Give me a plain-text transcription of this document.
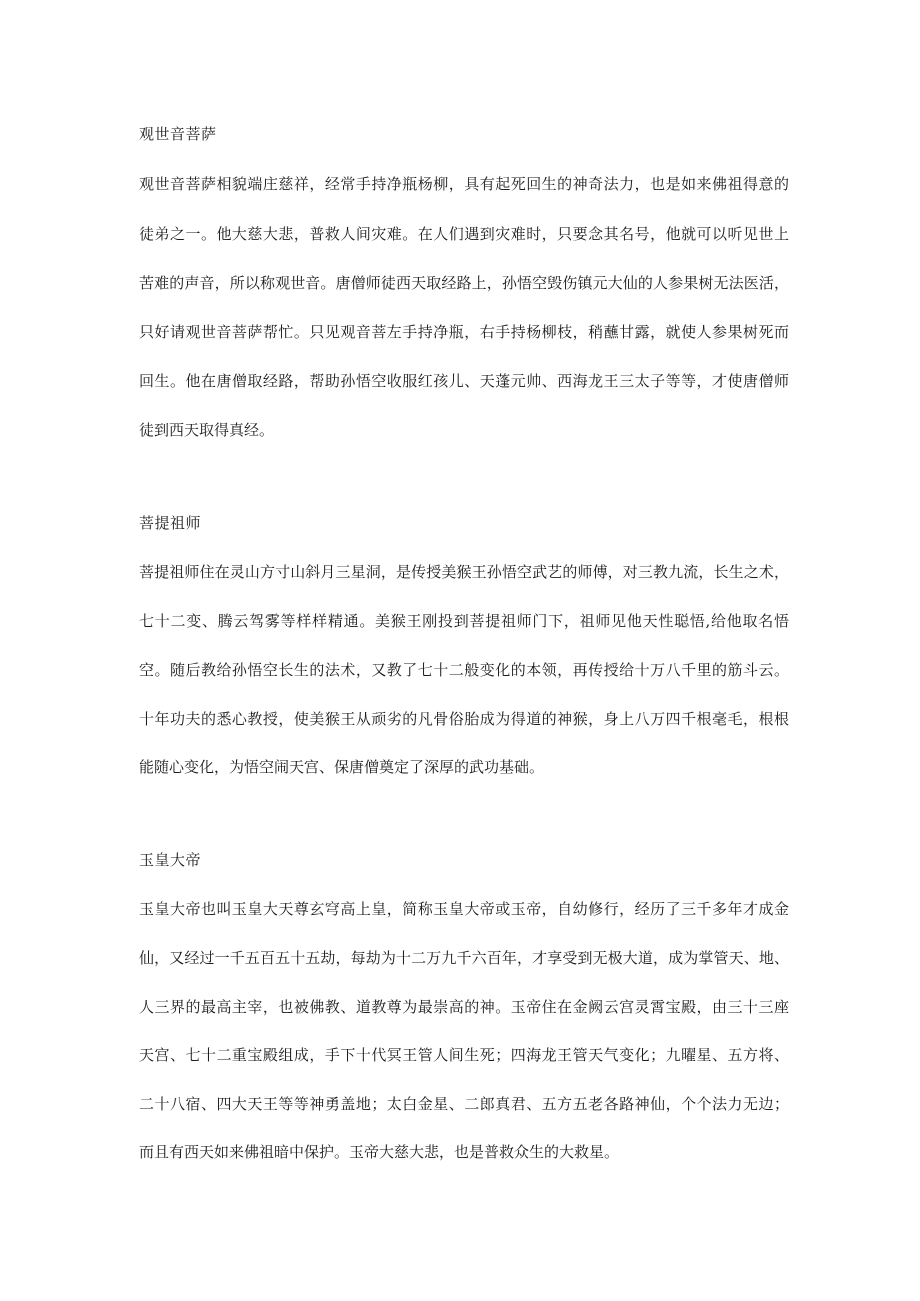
观世音菩萨

观世音菩萨相貌端庄慈祥，经常手持净瓶杨柳，具有起死回生的神奇法力，也是如来佛祖得意的

徒弟之一。他大慈大悲，普救人间灾难。在人们遇到灾难时，只要念其名号，他就可以听见世上

苦难的声音，所以称观世音。唐僧师徒西天取经路上，孙悟空毁伤镇元大仙的人参果树无法医活，

只好请观世音菩萨帮忙。只见观音菩左手持净瓶，右手持杨柳枝，稍蘸甘露，就使人参果树死而

回生。他在唐僧取经路，帮助孙悟空收服红孩儿、天蓬元帅、西海龙王三太子等等，才使唐僧师

徒到西天取得真经。

菩提祖师

菩提祖师住在灵山方寸山斜月三星洞，是传授美猴王孙悟空武艺的师傅，对三教九流，长生之术，

七十二变、腾云驾雾等样样精通。美猴王刚投到菩提祖师门下，祖师见他天性聪悟,给他取名悟

空。随后教给孙悟空长生的法术，又教了七十二般变化的本领，再传授给十万八千里的筋斗云。

十年功夫的悉心教授，使美猴王从顽劣的凡骨俗胎成为得道的神猴，身上八万四千根毫毛，根根

能随心变化，为悟空闹天宫、保唐僧奠定了深厚的武功基础。

玉皇大帝

玉皇大帝也叫玉皇大天尊玄穹高上皇，简称玉皇大帝或玉帝，自幼修行，经历了三千多年才成金

仙，又经过一千五百五十五劫，每劫为十二万九千六百年，才享受到无极大道，成为掌管天、地、

人三界的最高主宰，也被佛教、道教尊为最崇高的神。玉帝住在金阙云宫灵霄宝殿，由三十三座

天宫、七十二重宝殿组成，手下十代冥王管人间生死；四海龙王管天气变化；九曜星、五方将、

二十八宿、四大天王等等神勇盖地；太白金星、二郎真君、五方五老各路神仙，个个法力无边；

而且有西天如来佛祖暗中保护。玉帝大慈大悲，也是普救众生的大救星。
